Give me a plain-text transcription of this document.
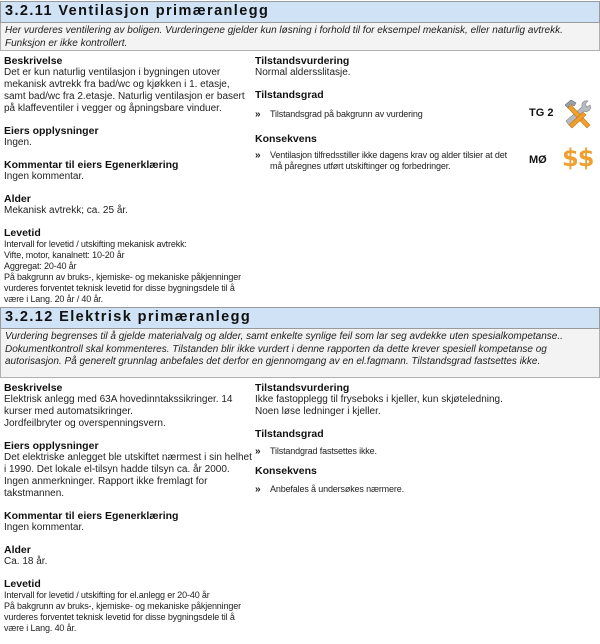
3.2.11 Ventilasjon primæranlegg
Her vurderes ventilering av boligen. Vurderingene gjelder kun løsning i forhold til for eksempel mekanisk, eller naturlig avtrekk. Funksjon er ikke kontrollert.
Beskrivelse
Det er kun naturlig ventilasjon i bygningen utover mekanisk avtrekk fra bad/wc og kjøkken i 1. etasje, samt bad/wc fra 2.etasje. Naturlig ventilasjon er basert på klaffeventiler i vegger og åpningsbare vinduer.
Eiers opplysninger
Ingen.
Kommentar til eiers Egenerklæring
Ingen kommentar.
Alder
Mekanisk avtrekk; ca. 25 år.
Levetid
Intervall for levetid / utskifting mekanisk avtrekk:
Vifte, motor, kanalnett: 10-20 år
Aggregat: 20-40 år
På bakgrunn av bruks-, kjemiske- og mekaniske påkjenninger vurderes forventet teknisk levetid for disse bygningsdele til å være i Lang. 20 år / 40 år.
Tilstandsvurdering
Normal aldersslitasje.
Tilstandsgrad
» Tilstandsgrad på bakgrunn av vurdering
Konsekvens
» Ventilasjon tilfredsstiller ikke dagens krav og alder tilsier at det må påregnes utført utskiftinger og forbedringer.
TG 2
MØ $$
3.2.12 Elektrisk primæranlegg
Vurdering begrenses til å gjelde materialvalg og alder, samt enkelte synlige feil som lar seg avdekke uten spesialkompetanse.. Dokumentkontroll skal kommenteres. Tilstanden blir ikke vurdert i denne rapporten da dette krever spesiell kompetanse og autorisasjon. På generelt grunnlag anbefales det derfor en gjennomgang av en el.fagmann. Tilstandsgrad fastsettes ikke.
Beskrivelse
Elektrisk anlegg med 63A hovedinntakssikringer. 14 kurser med automatsikringer.
Jordfeilbryter og overspenningsvern.
Eiers opplysninger
Det elektriske anlegget ble utskiftet nærmest i sin helhet i 1990. Det lokale el-tilsyn hadde tilsyn ca. år 2000. Ingen anmerkninger. Rapport ikke fremlagt for takstmannen.
Kommentar til eiers Egenerklæring
Ingen kommentar.
Alder
Ca. 18 år.
Levetid
Intervall for levetid / utskifting for el.anlegg er 20-40 år
På bakgrunn av bruks-, kjemiske- og mekaniske påkjenninger vurderes forventet teknisk levetid for disse bygningsdele til å være i Lang. 40 år.
Tilstandsvurdering
Ikke fastopplegg til fryseboks i kjeller, kun skjøteledning.
Noen løse ledninger i kjeller.
Tilstandsgrad
» Tilstandgrad fastsettes ikke.
Konsekvens
» Anbefales å undersøkes nærmere.
